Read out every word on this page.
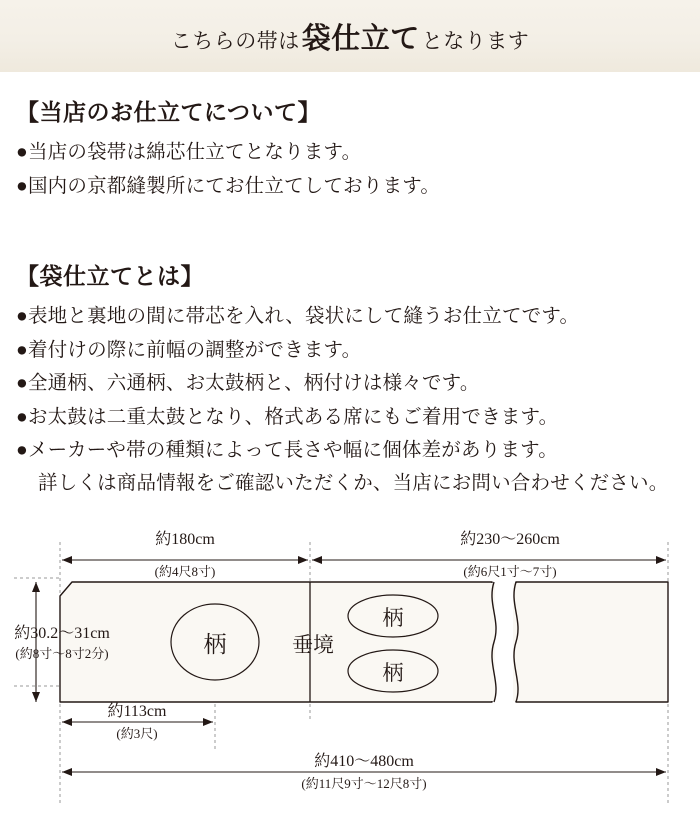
こちらの帯は 袋仕立て となります
【当店のお仕立てについて】

●当店の袋帯は綿芯仕立てとなります。

●国内の京都縫製所にてお仕立てしております。

【袋仕立てとは】

●表地と裏地の間に帯芯を入れ、袋状にして縫うお仕立てです。

●着付けの際に前幅の調整ができます。

●全通柄、六通柄、お太鼓柄と、柄付けは様々です。

●お太鼓は二重太鼓となり、格式ある席にもご着用できます。

●メーカーや帯の種類によって長さや幅に個体差があります。

詳しくは商品情報をご確認いただくか、当店にお問い合わせください。

約180cm
(約4尺8寸)
約230〜260cm
(約6尺1寸〜7寸)
約30.2〜31cm
(約8寸〜8寸2分)	柄	垂境
柄
柄
約113cm
(約3尺)
約410〜480cm
(約11尺9寸〜12尺8寸)
